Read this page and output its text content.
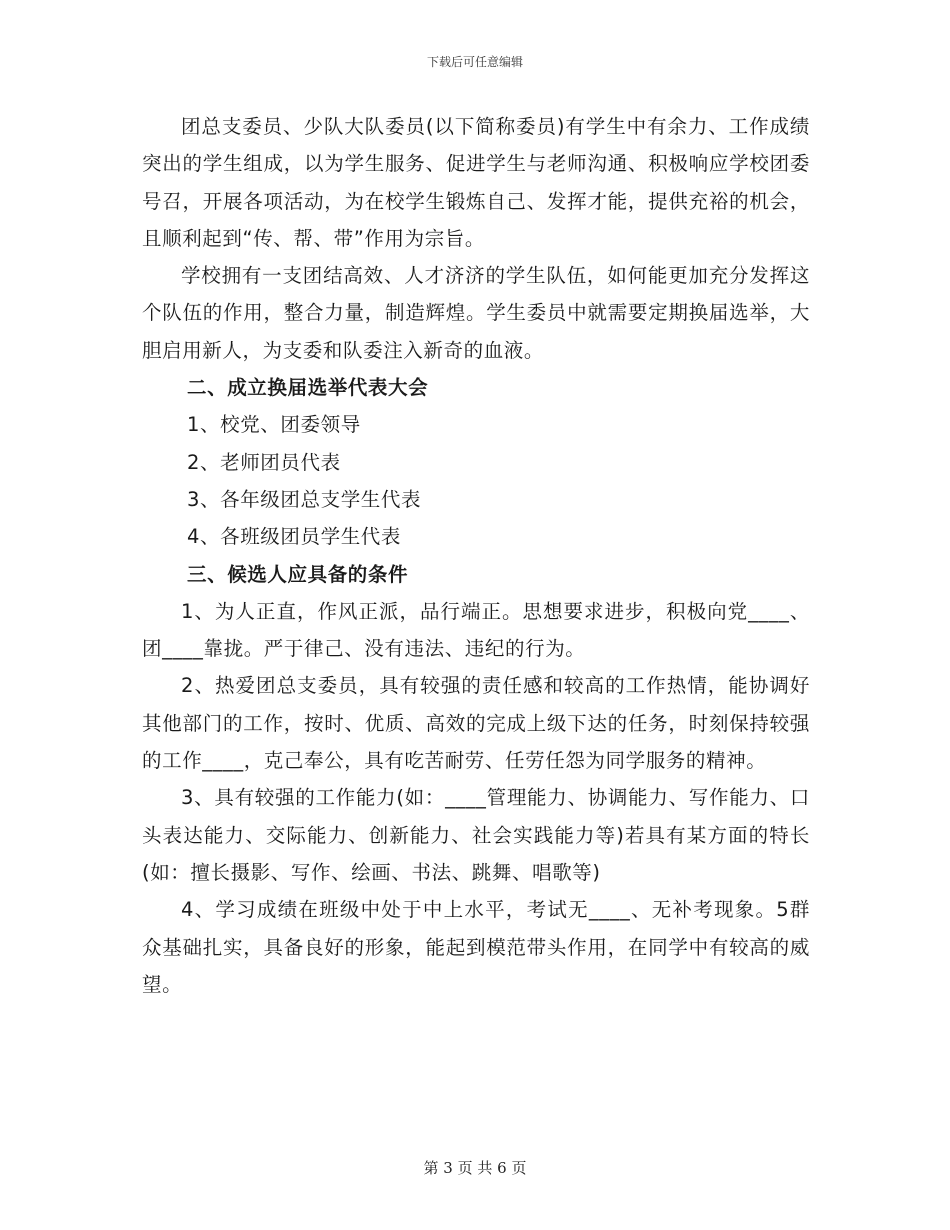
下载后可任意编辑

团总支委员、少队大队委员(以下简称委员)有学生中有余力、工作成绩突出的学生组成，以为学生服务、促进学生与老师沟通、积极响应学校团委号召，开展各项活动，为在校学生锻炼自己、发挥才能，提供充裕的机会，且顺利起到“传、帮、带”作用为宗旨。

学校拥有一支团结高效、人才济济的学生队伍，如何能更加充分发挥这个队伍的作用，整合力量，制造辉煌。学生委员中就需要定期换届选举，大胆启用新人，为支委和队委注入新奇的血液。

二、成立换届选举代表大会

1、校党、团委领导

2、老师团员代表

3、各年级团总支学生代表

4、各班级团员学生代表

三、候选人应具备的条件

1、为人正直，作风正派，品行端正。思想要求进步，积极向党____、团____靠拢。严于律己、没有违法、违纪的行为。

2、热爱团总支委员，具有较强的责任感和较高的工作热情，能协调好其他部门的工作，按时、优质、高效的完成上级下达的任务，时刻保持较强的工作____，克己奉公，具有吃苦耐劳、任劳任怨为同学服务的精神。

3、具有较强的工作能力(如：____管理能力、协调能力、写作能力、口头表达能力、交际能力、创新能力、社会实践能力等)若具有某方面的特长(如：擅长摄影、写作、绘画、书法、跳舞、唱歌等)

4、学习成绩在班级中处于中上水平，考试无____、无补考现象。5群众基础扎实，具备良好的形象，能起到模范带头作用，在同学中有较高的威望。

第 3 页 共 6 页
